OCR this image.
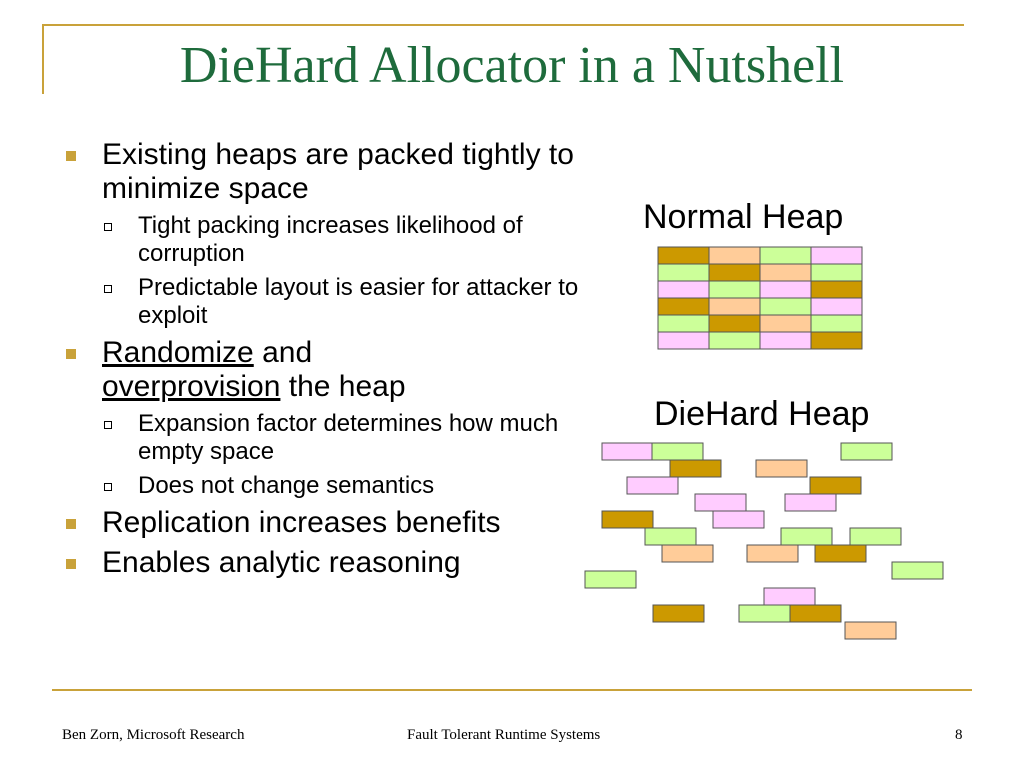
DieHard Allocator in a Nutshell
Existing heaps are packed tightly to minimize space
Tight packing increases likelihood of corruption
Predictable layout is easier for attacker to exploit
Randomize and
overprovision the heap
Expansion factor determines how much empty space
Does not change semantics
Replication increases benefits
Enables analytic reasoning
Normal Heap
DieHard Heap
Ben Zorn, Microsoft Research	Fault Tolerant Runtime Systems	8
